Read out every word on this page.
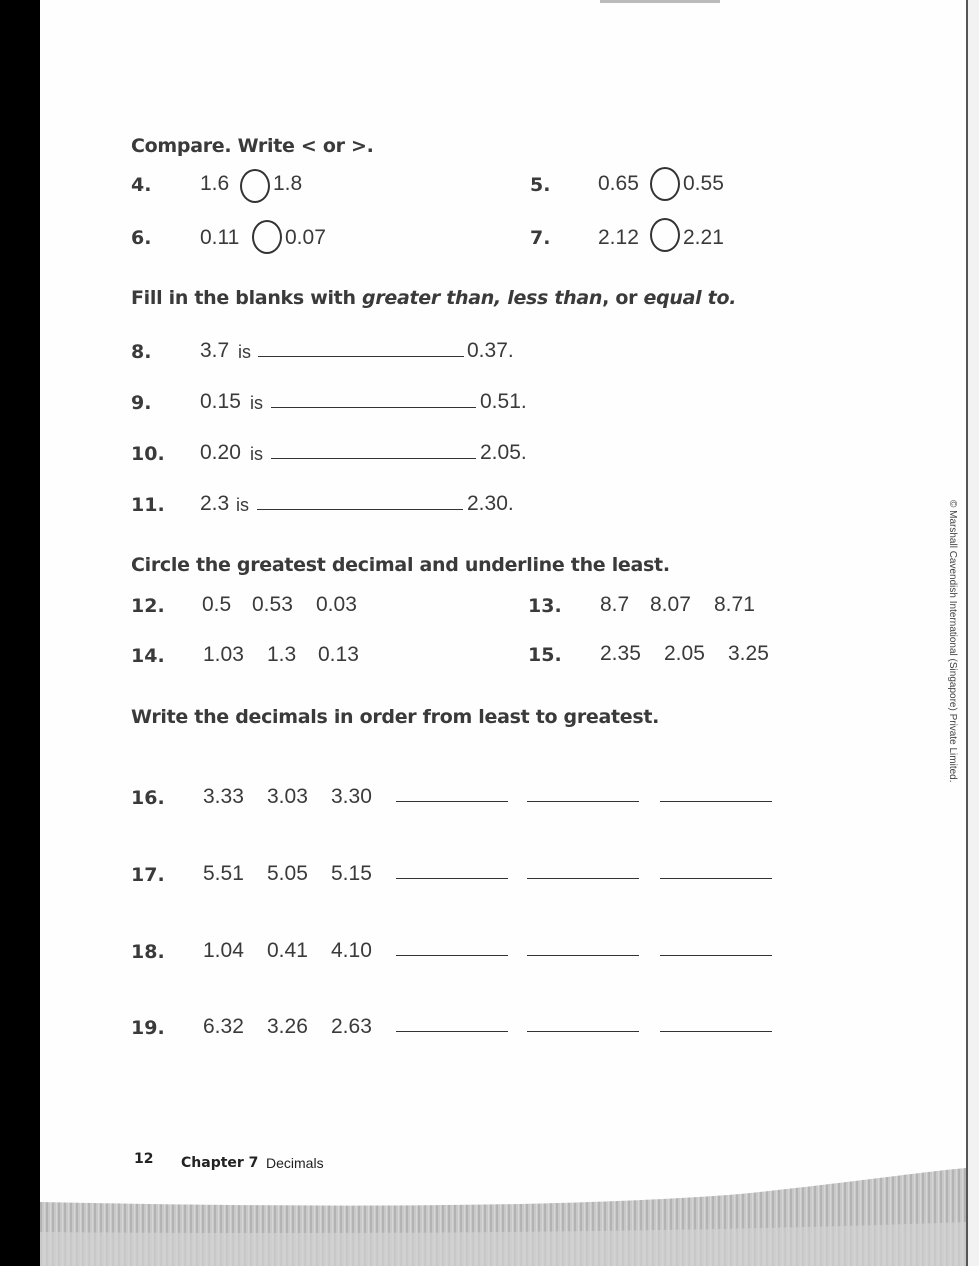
Compare. Write < or >.
4. 1.6 1.8	5. 0.65 0.55
6. 0.11 0.07	7. 2.12 2.21
Fill in the blanks with greater than, less than, or equal to.
8. 3.7 is	0.37.
9. 0.15 is	0.51.
10. 0.20 is	2.05.
11. 2.3 is	2.30.
Circle the greatest decimal and underline the least.
12. 0.5 0.53 0.03	13. 8.7 8.07 8.71
14. 1.03 1.3 0.13	15. 2.35 2.05 3.25
Write the decimals in order from least to greatest.
16. 3.33 3.03 3.30
17. 5.51 5.05 5.15
18. 1.04 0.41 4.10
19. 6.32 3.26 2.63
12 Chapter 7 Decimals
© Marshall Cavendish International (Singapore) Private Limited.
